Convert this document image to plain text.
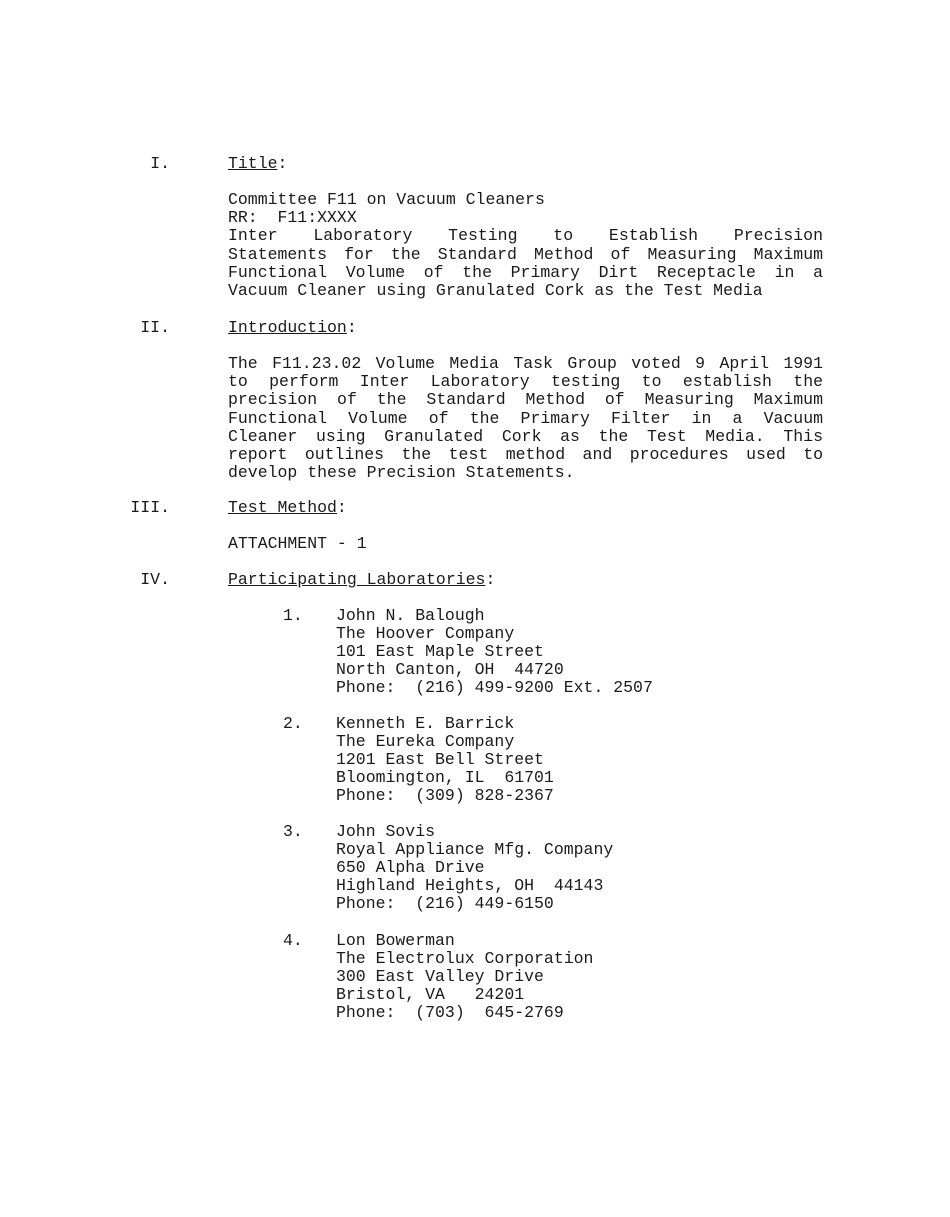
I.	Title:
Committee F11 on Vacuum Cleaners
RR:  F11:XXXX
Inter Laboratory Testing to Establish Precision
Statements for the Standard Method of Measuring Maximum
Functional Volume of the Primary Dirt Receptacle in a
Vacuum Cleaner using Granulated Cork as the Test Media
II.	Introduction:
The F11.23.02 Volume Media Task Group voted 9 April 1991
to perform Inter Laboratory testing to establish the
precision of the Standard Method of Measuring Maximum
Functional Volume of the Primary Filter in a Vacuum
Cleaner using Granulated Cork as the Test Media. This
report outlines the test method and procedures used to
develop these Precision Statements.
III.	Test Method:
ATTACHMENT - 1
IV.	Participating Laboratories:
1. John N. Balough
The Hoover Company
101 East Maple Street
North Canton, OH  44720
Phone:  (216) 499-9200 Ext. 2507
2. Kenneth E. Barrick
The Eureka Company
1201 East Bell Street
Bloomington, IL  61701
Phone:  (309) 828-2367
3. John Sovis
Royal Appliance Mfg. Company
650 Alpha Drive
Highland Heights, OH  44143
Phone:  (216) 449-6150
4. Lon Bowerman
The Electrolux Corporation
300 East Valley Drive
Bristol, VA   24201
Phone:  (703)  645-2769
